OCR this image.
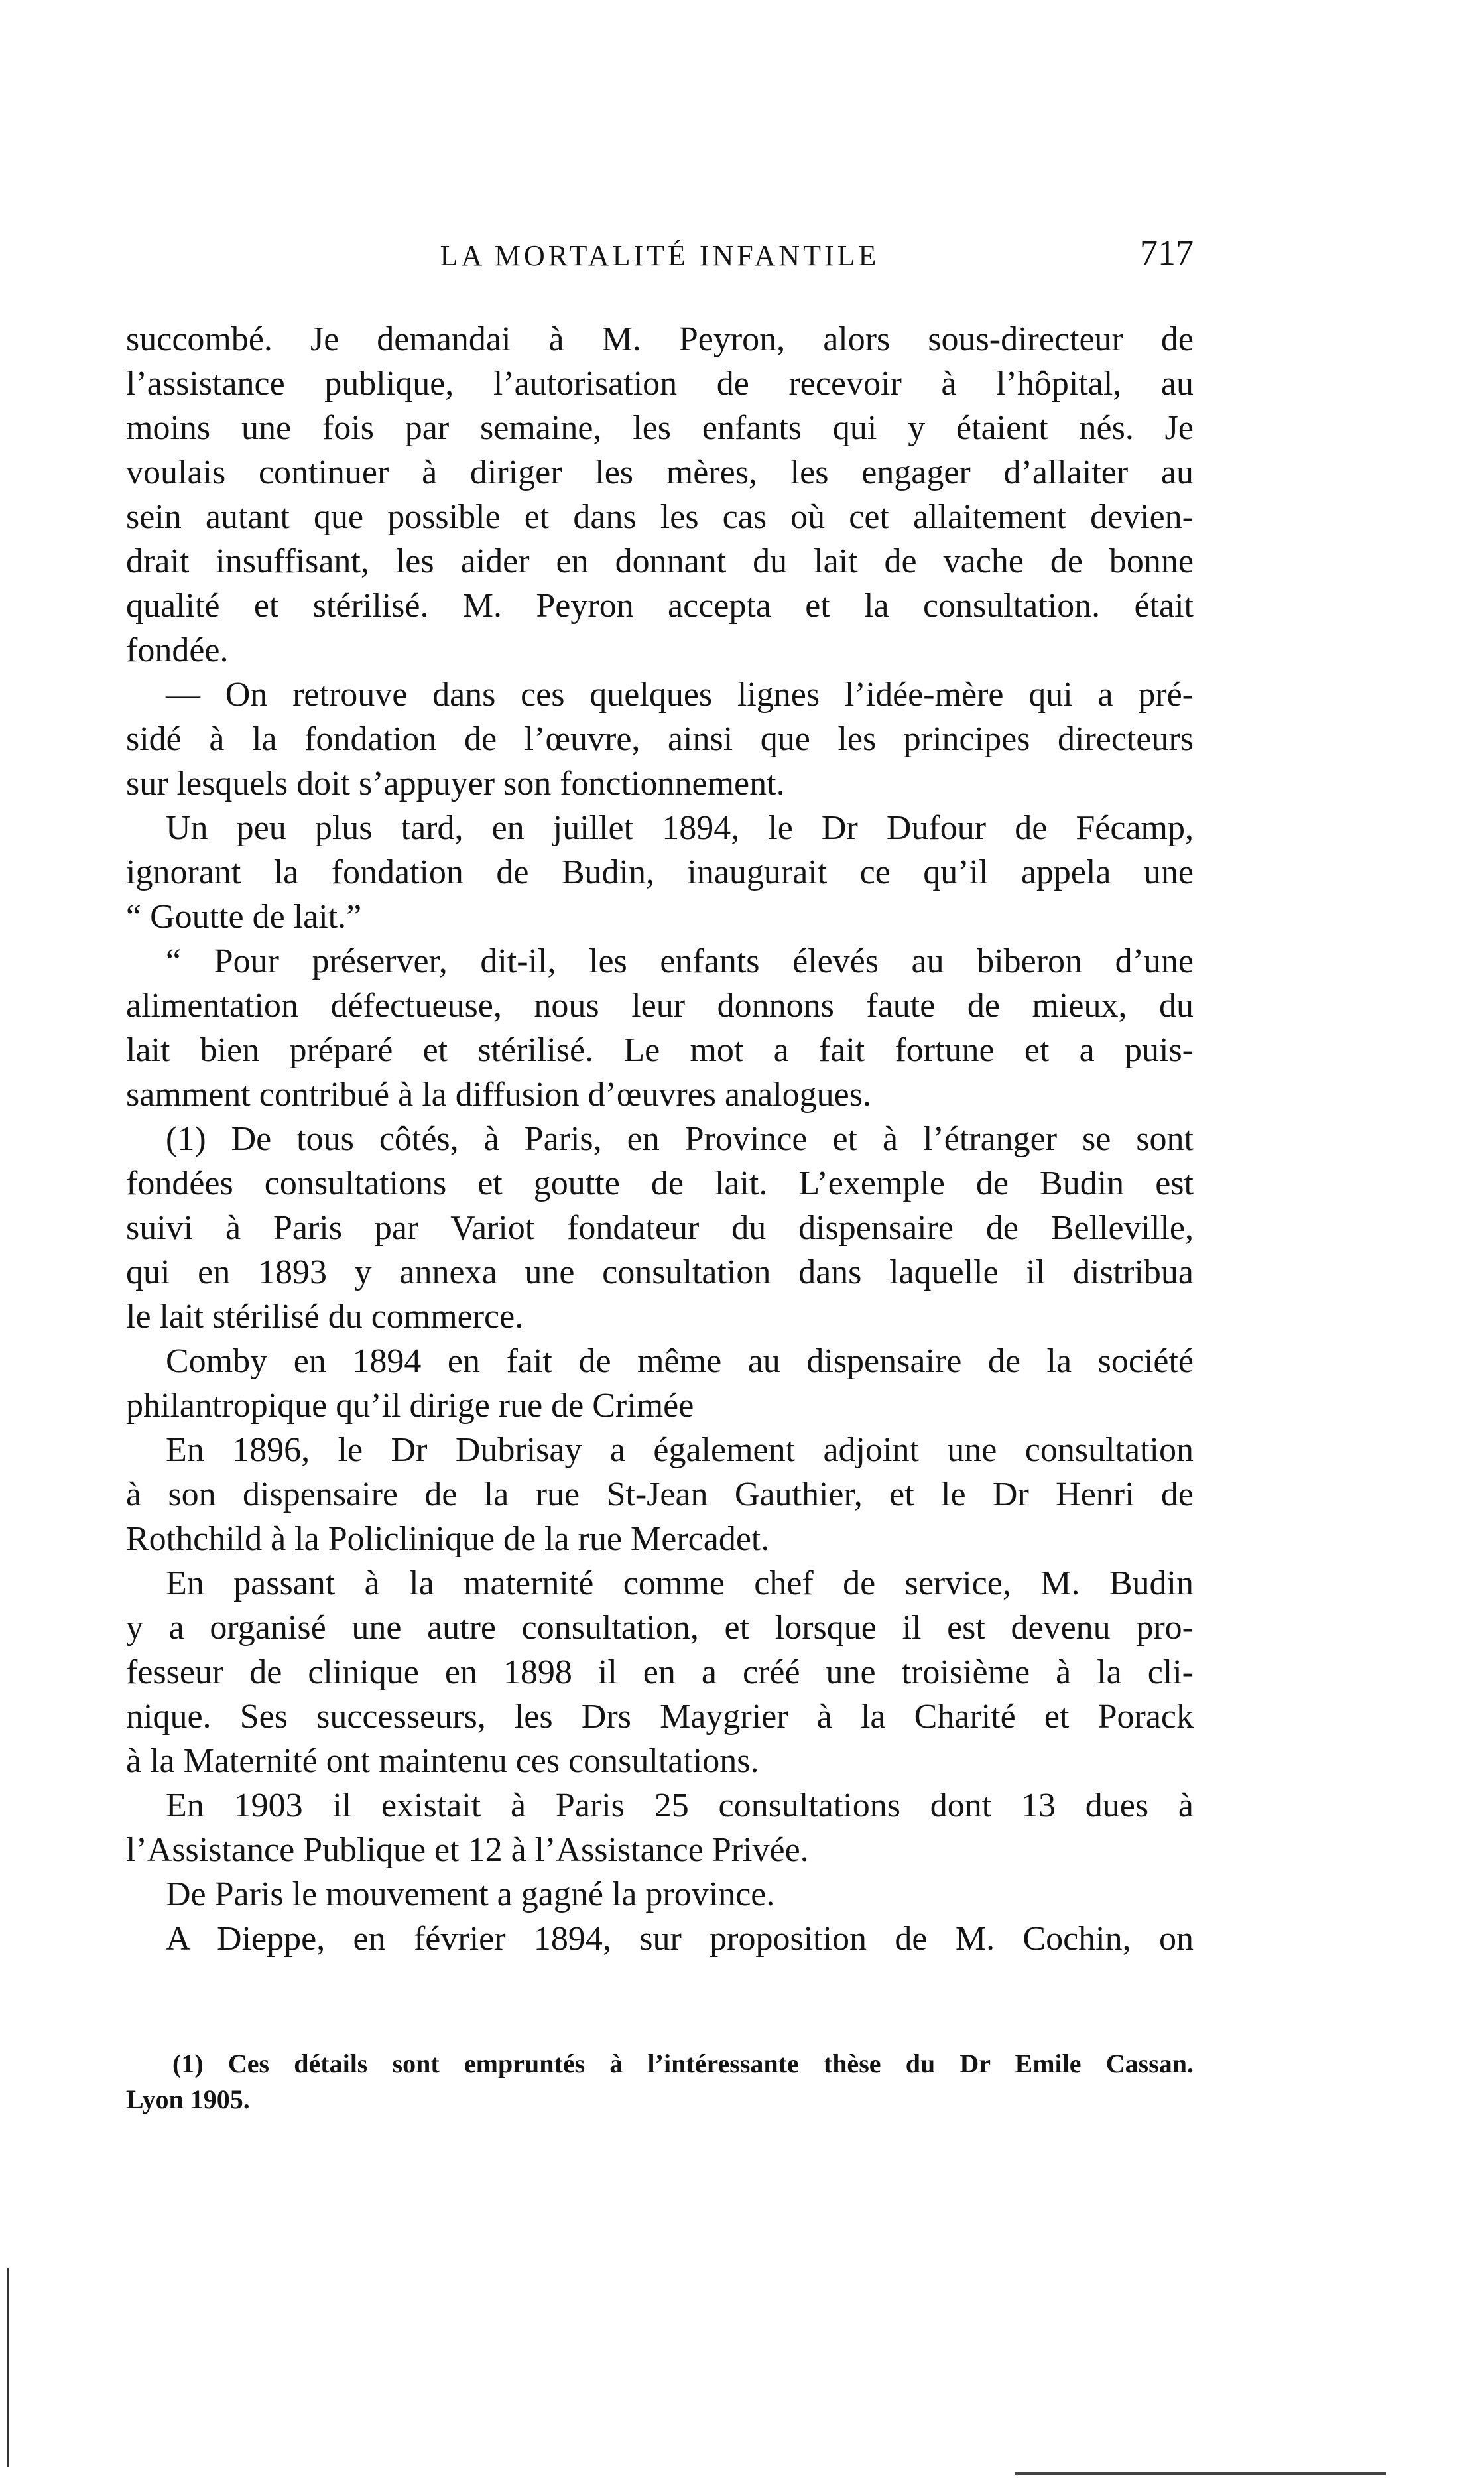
LA MORTALITÉ INFANTILE	717
succombé. Je demandai à M. Peyron, alors sous-directeur de
l’assistance publique, l’autorisation de recevoir à l’hôpital, au
moins une fois par semaine, les enfants qui y étaient nés. Je
voulais continuer à diriger les mères, les engager d’allaiter au
sein autant que possible et dans les cas où cet allaitement devien-
drait insuffisant, les aider en donnant du lait de vache de bonne
qualité et stérilisé. M. Peyron accepta et la consultation. était
fondée.
— On retrouve dans ces quelques lignes l’idée-mère qui a pré-
sidé à la fondation de l’œuvre, ainsi que les principes directeurs
sur lesquels doit s’appuyer son fonctionnement.
Un peu plus tard, en juillet 1894, le Dr Dufour de Fécamp,
ignorant la fondation de Budin, inaugurait ce qu’il appela une
“ Goutte de lait.”
“ Pour préserver, dit-il, les enfants élevés au biberon d’une
alimentation défectueuse, nous leur donnons faute de mieux, du
lait bien préparé et stérilisé. Le mot a fait fortune et a puis-
samment contribué à la diffusion d’œuvres analogues.
(1) De tous côtés, à Paris, en Province et à l’étranger se sont
fondées consultations et goutte de lait. L’exemple de Budin est
suivi à Paris par Variot fondateur du dispensaire de Belleville,
qui en 1893 y annexa une consultation dans laquelle il distribua
le lait stérilisé du commerce.
Comby en 1894 en fait de même au dispensaire de la société
philantropique qu’il dirige rue de Crimée
En 1896, le Dr Dubrisay a également adjoint une consultation
à son dispensaire de la rue St-Jean Gauthier, et le Dr Henri de
Rothchild à la Policlinique de la rue Mercadet.
En passant à la maternité comme chef de service, M. Budin
y a organisé une autre consultation, et lorsque il est devenu pro-
fesseur de clinique en 1898 il en a créé une troisième à la cli-
nique. Ses successeurs, les Drs Maygrier à la Charité et Porack
à la Maternité ont maintenu ces consultations.
En 1903 il existait à Paris 25 consultations dont 13 dues à
l’Assistance Publique et 12 à l’Assistance Privée.
De Paris le mouvement a gagné la province.
A Dieppe, en février 1894, sur proposition de M. Cochin, on
(1) Ces détails sont empruntés à l’intéressante thèse du Dr Emile Cassan.
Lyon 1905.
